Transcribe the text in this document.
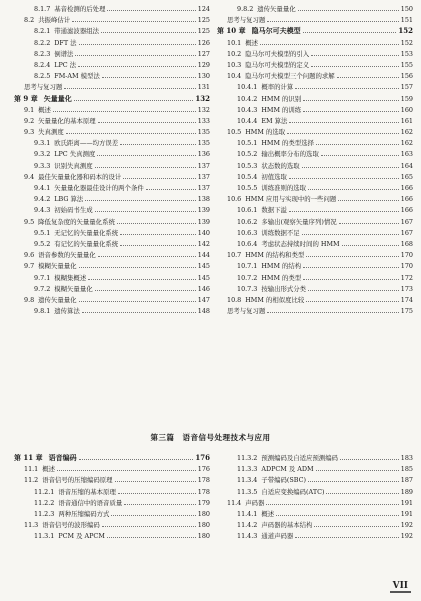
8.1.7 基音检测的后处理	124
8.2 共振峰估计	125
8.2.1 带通滤波器组法	125
8.2.2 DFT 法	126
8.2.3 倒谱法	127
8.2.4 LPC 法	129
8.2.5 FM-AM 模型法	130
思考与复习题	131
第 9 章 矢量量化	132
9.1 概述	132
9.2 矢量量化的基本原理	133
9.3 失真测度	135
9.3.1 欧氏距离——均方误差	135
9.3.2 LPC 失真测度	136
9.3.3 识别失真测度	137
9.4 最佳矢量量化器和码本的设计	137
9.4.1 矢量量化器最佳设计的两个条件	137
9.4.2 LBG 算法	138
9.4.3 初始码书生成	139
9.5 降低复杂度的矢量量化系统	139
9.5.1 无记忆的矢量量化系统	140
9.5.2 有记忆的矢量量化系统	142
9.6 语音参数的矢量量化	144
9.7 模糊矢量量化	145
9.7.1 模糊集概述	145
9.7.2 模糊矢量量化	146
9.8 遗传矢量量化	147
9.8.1 遗传算法	148
9.8.2 遗传矢量量化	150
思考与复习题	151
第 10 章 隐马尔可夫模型	152
10.1 概述	152
10.2 隐马尔可夫模型的引入	153
10.3 隐马尔可夫模型的定义	155
10.4 隐马尔可夫模型三个问题的求解	156
10.4.1 概率的计算	157
10.4.2 HMM 的识别	159
10.4.3 HMM 的训练	160
10.4.4 EM 算法	161
10.5 HMM 的选取	162
10.5.1 HMM 的类型选择	162
10.5.2 输出概率分布的选取	163
10.5.3 状态数的选取	164
10.5.4 初值选取	165
10.5.5 训练准则的选取	166
10.6 HMM 应用与实现中的一些问题	166
10.6.1 数据下溢	166
10.6.2 多输出(观察矢量序列)情况	167
10.6.3 训练数据不足	167
10.6.4 考虑状态持续时间的 HMM	168
10.7 HMM 的结构和类型	170
10.7.1 HMM 的结构	170
10.7.2 HMM 的类型	172
10.7.3 按输出形式分类	173
10.8 HMM 的相似度比较	174
思考与复习题	175
第三篇 语音信号处理技术与应用
第 11 章 语音编码	176
11.1 概述	176
11.2 语音信号的压缩编码原理	178
11.2.1 语音压缩的基本原理	178
11.2.2 语音通信中的语音质量	179
11.2.3 两种压缩编码方式	180
11.3 语音信号的波形编码	180
11.3.1 PCM 及 APCM	180
11.3.2 预测编码及自适应预测编码	183
11.3.3 ADPCM 及 ADM	185
11.3.4 子带编码(SBC)	187
11.3.5 自适应变换编码(ATC)	189
11.4 声码器	191
11.4.1 概述	191
11.4.2 声码器的基本结构	192
11.4.3 通道声码器	192
VII
